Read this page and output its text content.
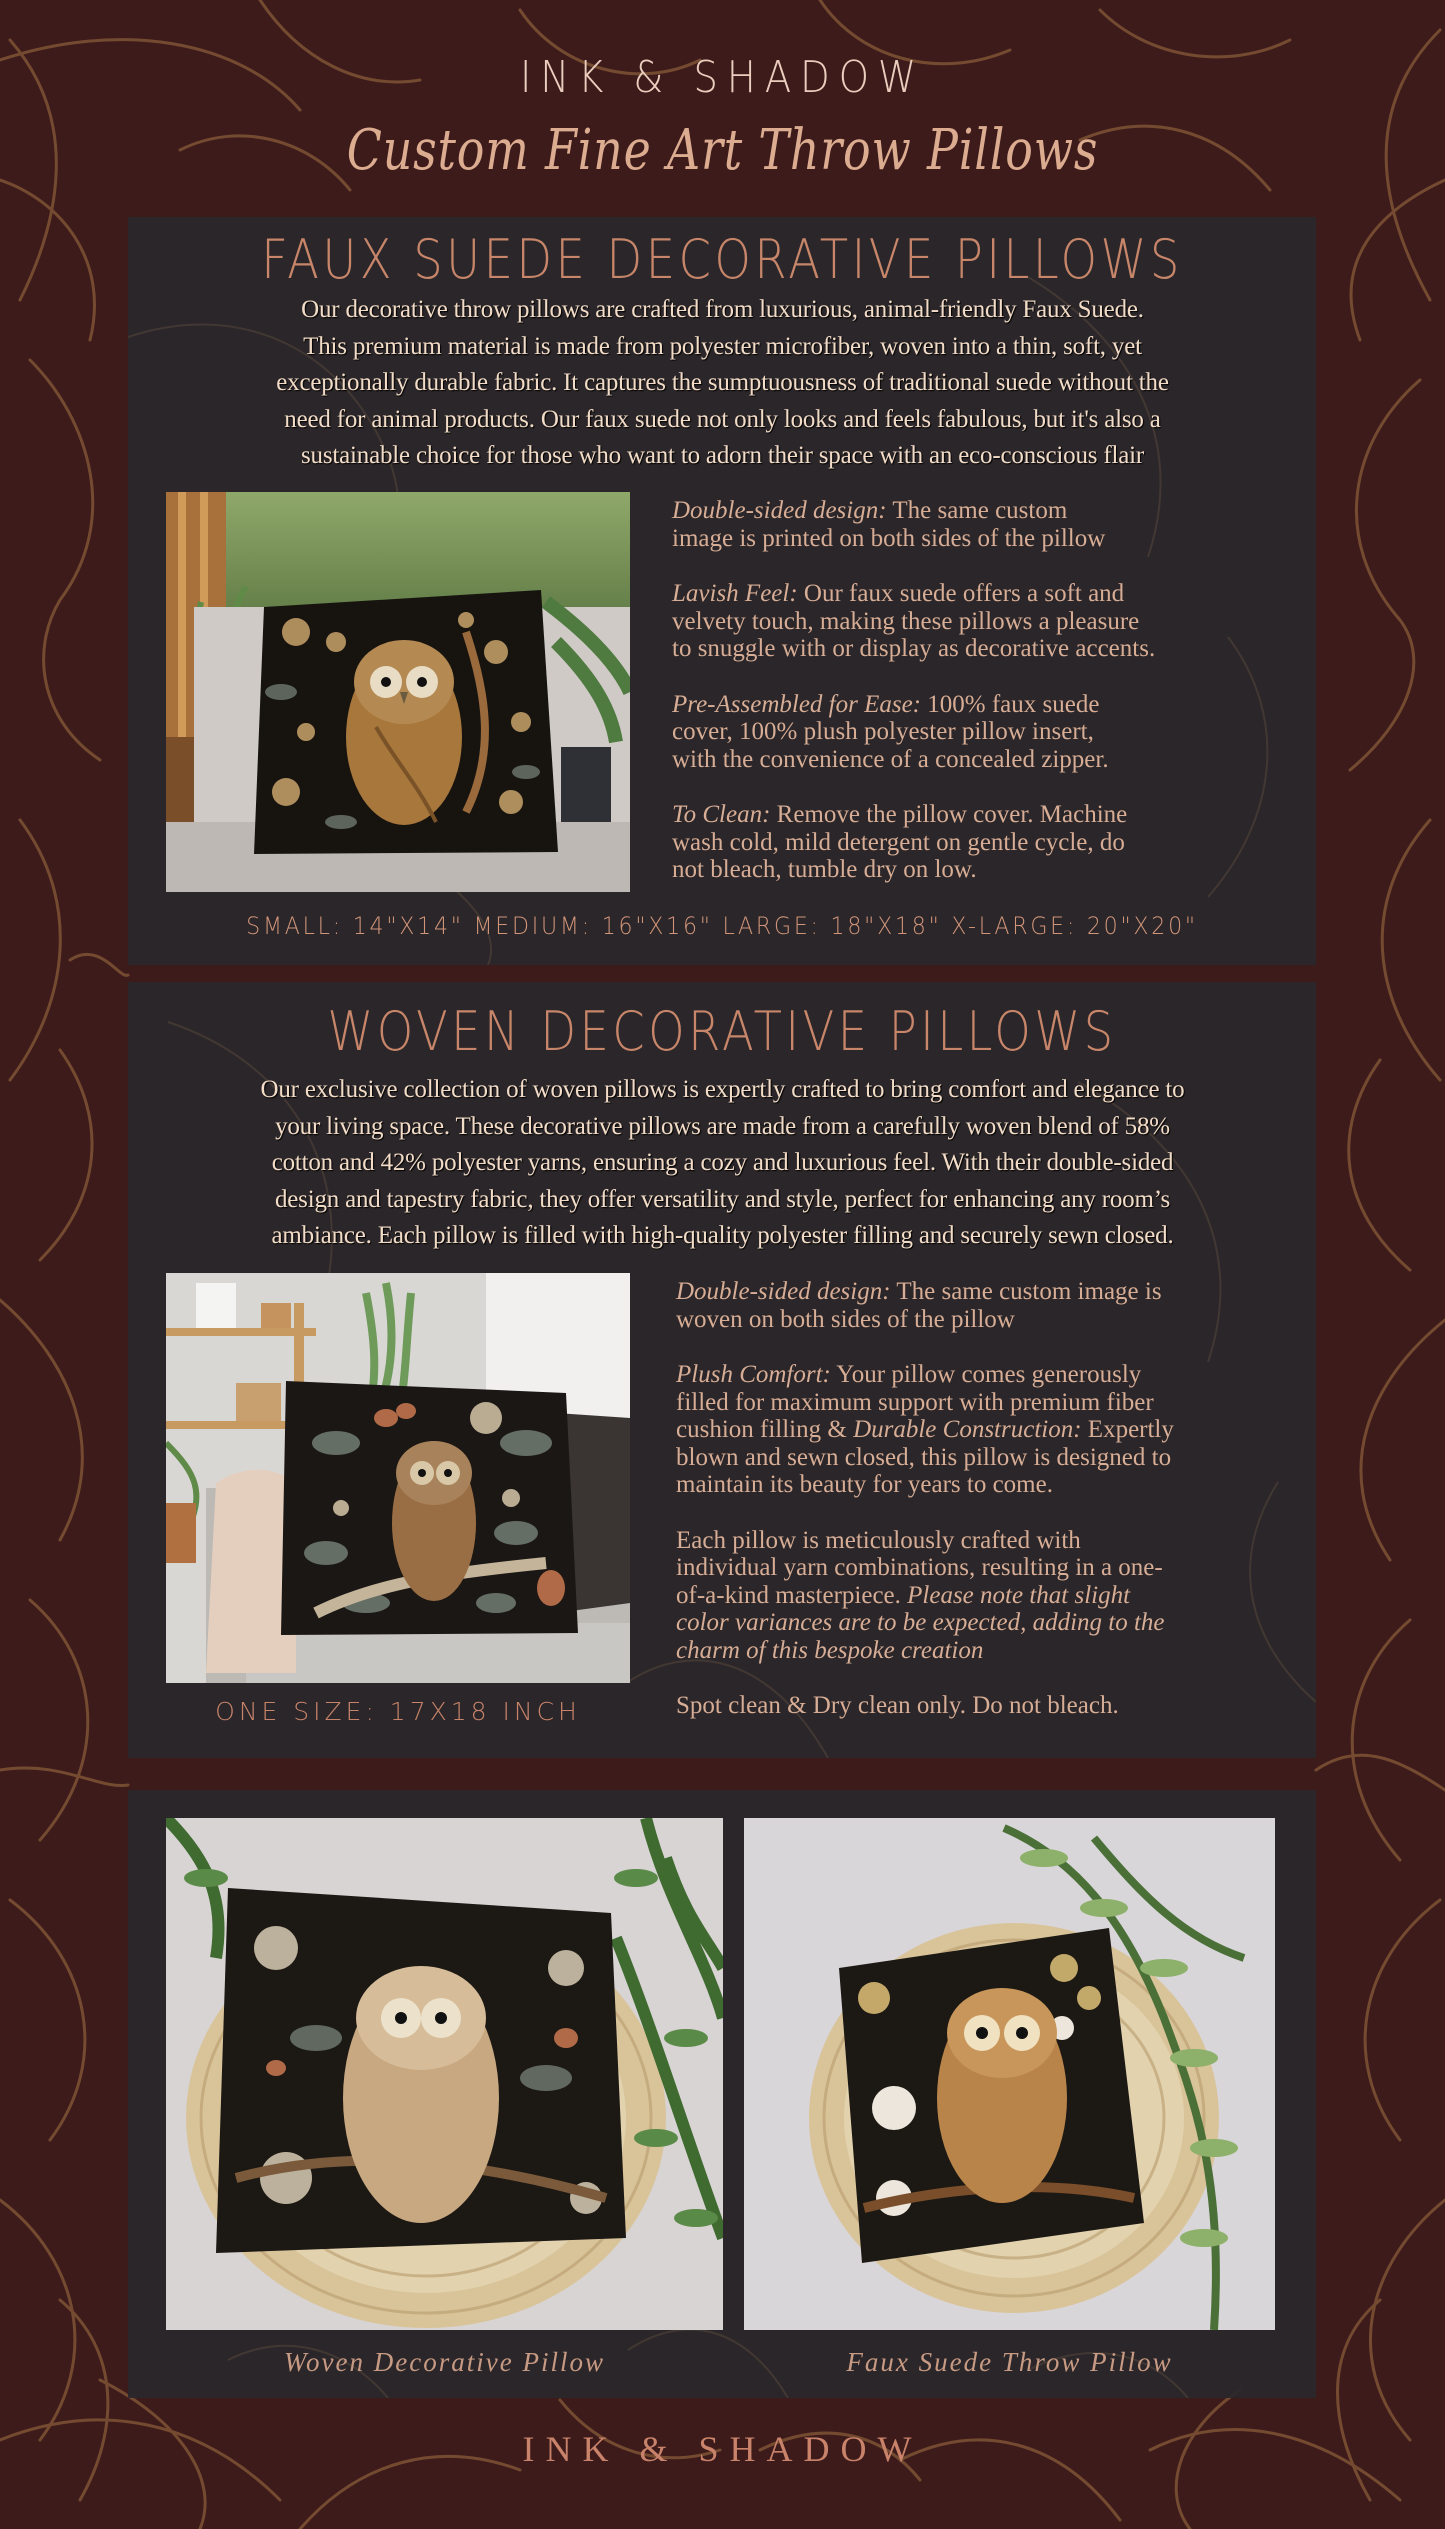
INK & SHADOW
Custom Fine Art Throw Pillows
FAUX SUEDE DECORATIVE PILLOWS
Our decorative throw pillows are crafted from luxurious, animal-friendly Faux Suede.
This premium material is made from polyester microfiber, woven into a thin, soft, yet
exceptionally durable fabric. It captures the sumptuousness of traditional suede without the
need for animal products. Our faux suede not only looks and feels fabulous, but it's also a
sustainable choice for those who want to adorn their space with an eco-conscious flair

Double-sided design: The same custom
image is printed on both sides of the pillow

Lavish Feel: Our faux suede offers a soft and
velvety touch, making these pillows a pleasure
to snuggle with or display as decorative accents.

Pre-Assembled for Ease: 100% faux suede
cover, 100% plush polyester pillow insert,
with the convenience of a concealed zipper.

To Clean: Remove the pillow cover. Machine
wash cold, mild detergent on gentle cycle, do
not bleach, tumble dry on low.

SMALL: 14"X14" MEDIUM: 16"X16" LARGE: 18"X18" X-LARGE: 20"X20"
WOVEN DECORATIVE PILLOWS
Our exclusive collection of woven pillows is expertly crafted to bring comfort and elegance to
your living space. These decorative pillows are made from a carefully woven blend of 58%
cotton and 42% polyester yarns, ensuring a cozy and luxurious feel. With their double-sided
design and tapestry fabric, they offer versatility and style, perfect for enhancing any room’s
ambiance. Each pillow is filled with high-quality polyester filling and securely sewn closed.

Double-sided design: The same custom image is
woven on both sides of the pillow

Plush Comfort: Your pillow comes generously
filled for maximum support with premium fiber
cushion filling & Durable Construction: Expertly
blown and sewn closed, this pillow is designed to
maintain its beauty for years to come.

Each pillow is meticulously crafted with
individual yarn combinations, resulting in a one-
of-a-kind masterpiece. Please note that slight
color variances are to be expected, adding to the
charm of this bespoke creation

Spot clean & Dry clean only. Do not bleach.

ONE SIZE: 17X18 INCH
Woven Decorative Pillow	Faux Suede Throw Pillow
INK & SHADOW
